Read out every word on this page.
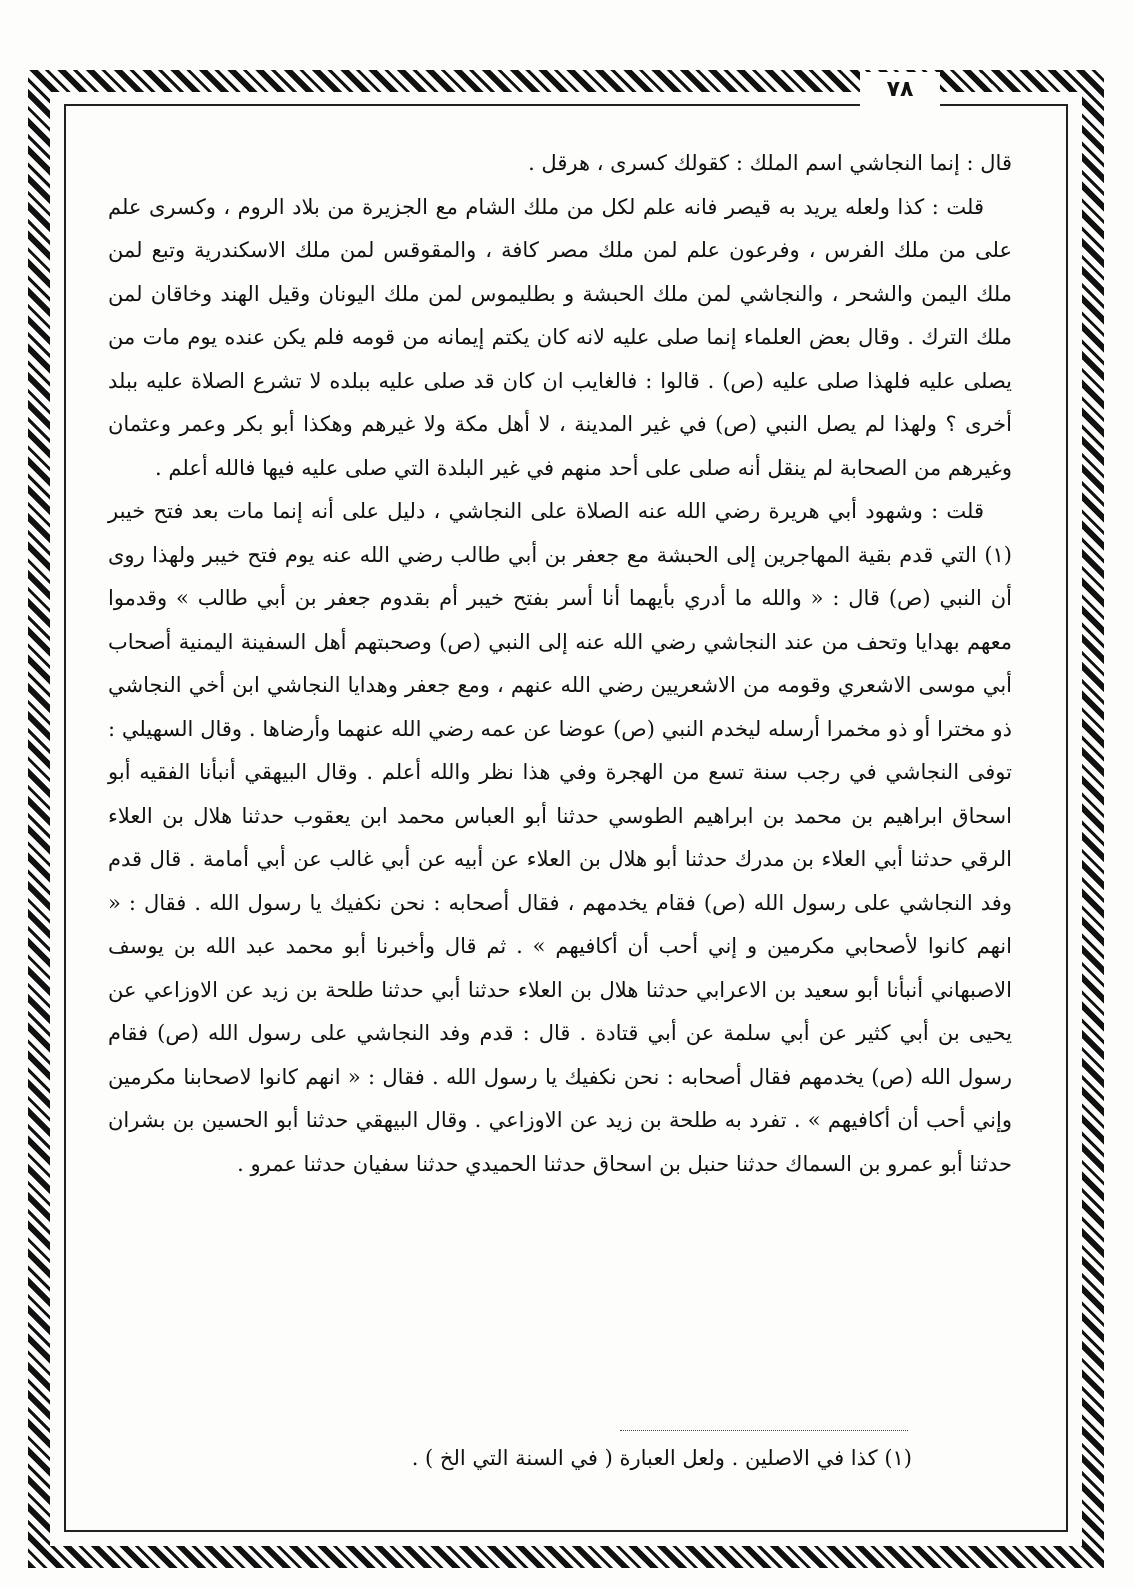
٧٨

قال : إنما النجاشي اسم الملك : كقولك كسرى ، هرقل .

قلت : كذا ولعله يريد به قيصر فانه علم لكل من ملك الشام مع الجزيرة من بلاد الروم ، وكسرى علم على من ملك الفرس ، وفرعون علم لمن ملك مصر كافة ، والمقوقس لمن ملك الاسكندرية وتبع لمن ملك اليمن والشحر ، والنجاشي لمن ملك الحبشة و بطليموس لمن ملك اليونان وقيل الهند وخاقان لمن ملك الترك . وقال بعض العلماء إنما صلى عليه لانه كان يكتم إيمانه من قومه فلم يكن عنده يوم مات من يصلى عليه فلهذا صلى عليه (ص) . قالوا : فالغايب ان كان قد صلى عليه ببلده لا تشرع الصلاة عليه ببلد أخرى ؟ ولهذا لم يصل النبي (ص) في غير المدينة ، لا أهل مكة ولا غيرهم وهكذا أبو بكر وعمر وعثمان وغيرهم من الصحابة لم ينقل أنه صلى على أحد منهم في غير البلدة التي صلى عليه فيها فالله أعلم .

قلت : وشهود أبي هريرة رضي الله عنه الصلاة على النجاشي ، دليل على أنه إنما مات بعد فتح خيبر (١) التي قدم بقية المهاجرين إلى الحبشة مع جعفر بن أبي طالب رضي الله عنه يوم فتح خيبر ولهذا روى أن النبي (ص) قال : « والله ما أدري بأيهما أنا أسر بفتح خيبر أم بقدوم جعفر بن أبي طالب » وقدموا معهم بهدايا وتحف من عند النجاشي رضي الله عنه إلى النبي (ص) وصحبتهم أهل السفينة اليمنية أصحاب أبي موسى الاشعري وقومه من الاشعريين رضي الله عنهم ، ومع جعفر وهدايا النجاشي ابن أخي النجاشي ذو مخترا أو ذو مخمرا أرسله ليخدم النبي (ص) عوضا عن عمه رضي الله عنهما وأرضاها . وقال السهيلي : توفى النجاشي في رجب سنة تسع من الهجرة وفي هذا نظر والله أعلم . وقال البيهقي أنبأنا الفقيه أبو اسحاق ابراهيم بن محمد بن ابراهيم الطوسي حدثنا أبو العباس محمد ابن يعقوب حدثنا هلال بن العلاء الرقي حدثنا أبي العلاء بن مدرك حدثنا أبو هلال بن العلاء عن أبيه عن أبي غالب عن أبي أمامة . قال قدم وفد النجاشي على رسول الله (ص) فقام يخدمهم ، فقال أصحابه : نحن نكفيك يا رسول الله . فقال : « انهم كانوا لأصحابي مكرمين و إني أحب أن أكافيهم » . ثم قال وأخبرنا أبو محمد عبد الله بن يوسف الاصبهاني أنبأنا أبو سعيد بن الاعرابي حدثنا هلال بن العلاء حدثنا أبي حدثنا طلحة بن زيد عن الاوزاعي عن يحيى بن أبي كثير عن أبي سلمة عن أبي قتادة . قال : قدم وفد النجاشي على رسول الله (ص) فقام رسول الله (ص) يخدمهم فقال أصحابه : نحن نكفيك يا رسول الله . فقال : « انهم كانوا لاصحابنا مكرمين وإني أحب أن أكافيهم » . تفرد به طلحة بن زيد عن الاوزاعي . وقال البيهقي حدثنا أبو الحسين بن بشران حدثنا أبو عمرو بن السماك حدثنا حنبل بن اسحاق حدثنا الحميدي حدثنا سفيان حدثنا عمرو .

(١) كذا في الاصلين . ولعل العبارة ( في السنة التي الخ ) .
